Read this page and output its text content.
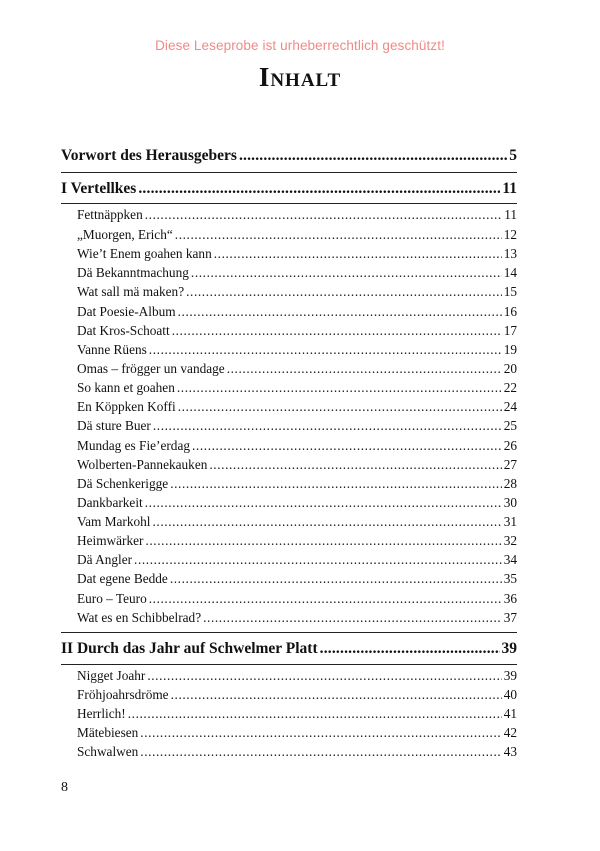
Diese Leseprobe ist urheberrechtlich geschützt!
Inhalt
Vorwort des Herausgebers .....	5
I Vertellkes .....	11
Fettnäppken .....	11
„Muorgen, Erich“ .....	12
Wie’t Enem goahen kann .....	13
Dä Bekanntmachung .....	14
Wat sall mä maken? .....	15
Dat Poesie-Album .....	16
Dat Kros-Schoatt .....	17
Vanne Rüens .....	19
Omas – frögger un vandage .....	20
So kann et goahen .....	22
En Köppken Koffi .....	24
Dä sture Buer .....	25
Mundag es Fie’erdag .....	26
Wolberten-Pannekauken .....	27
Dä Schenkerigge .....	28
Dankbarkeit .....	30
Vam Markohl .....	31
Heimwärker .....	32
Dä Angler .....	34
Dat egene Bedde .....	35
Euro – Teuro .....	36
Wat es en Schibbelrad? .....	37
II Durch das Jahr auf Schwelmer Platt .....	39
Nigget Joahr .....	39
Fröhjoahrsdröme .....	40
Herrlich! .....	41
Mätebiesen .....	42
Schwalwen .....	43
8
